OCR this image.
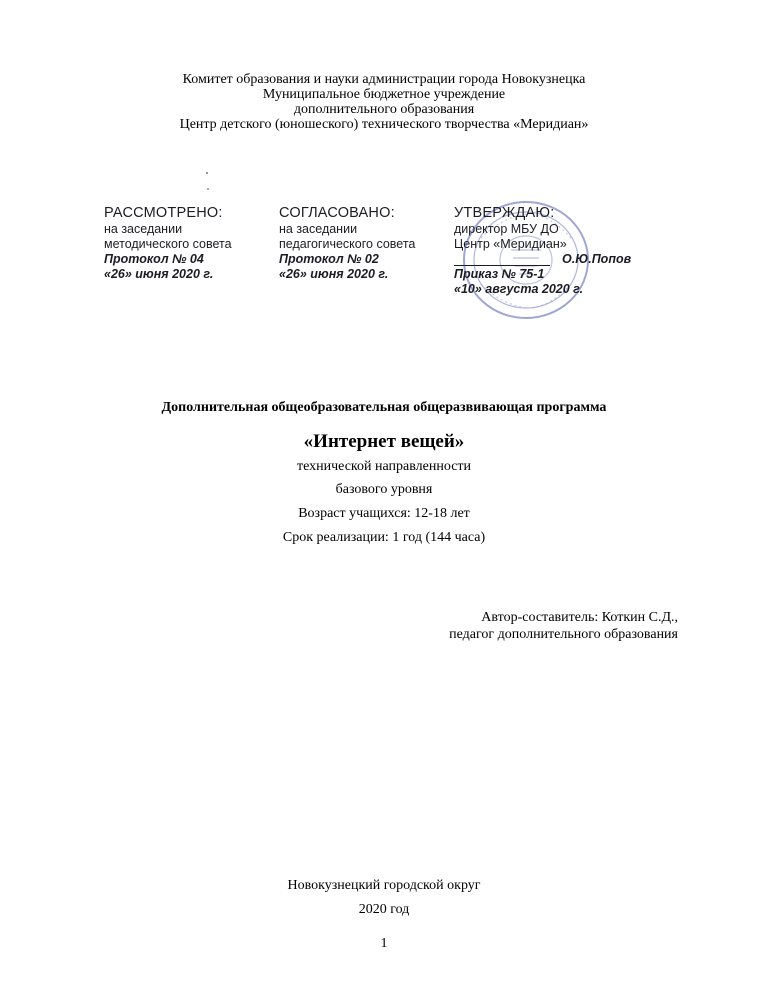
Комитет образования и науки администрации города Новокузнецка
Муниципальное бюджетное учреждение
дополнительного образования
Центр детского (юношеского) технического творчества «Меридиан»
РАССМОТРЕНО:
на заседании
методического совета
Протокол № 04
«26» июня 2020 г.
СОГЛАСОВАНО:
на заседании
педагогического совета
Протокол № 02
«26» июня 2020 г.
УТВЕРЖДАЮ:
директор МБУ ДО
Центр «Меридиан»
О.Ю.Попов
Приказ № 75-1
«10» августа 2020 г.
Дополнительная общеобразовательная общеразвивающая программа
«Интернет вещей»
технической направленности
базового уровня
Возраст учащихся: 12-18 лет
Срок реализации: 1 год (144 часа)
Автор-составитель: Коткин С.Д.,
педагог дополнительного образования
Новокузнецкий городской округ
2020 год
1
